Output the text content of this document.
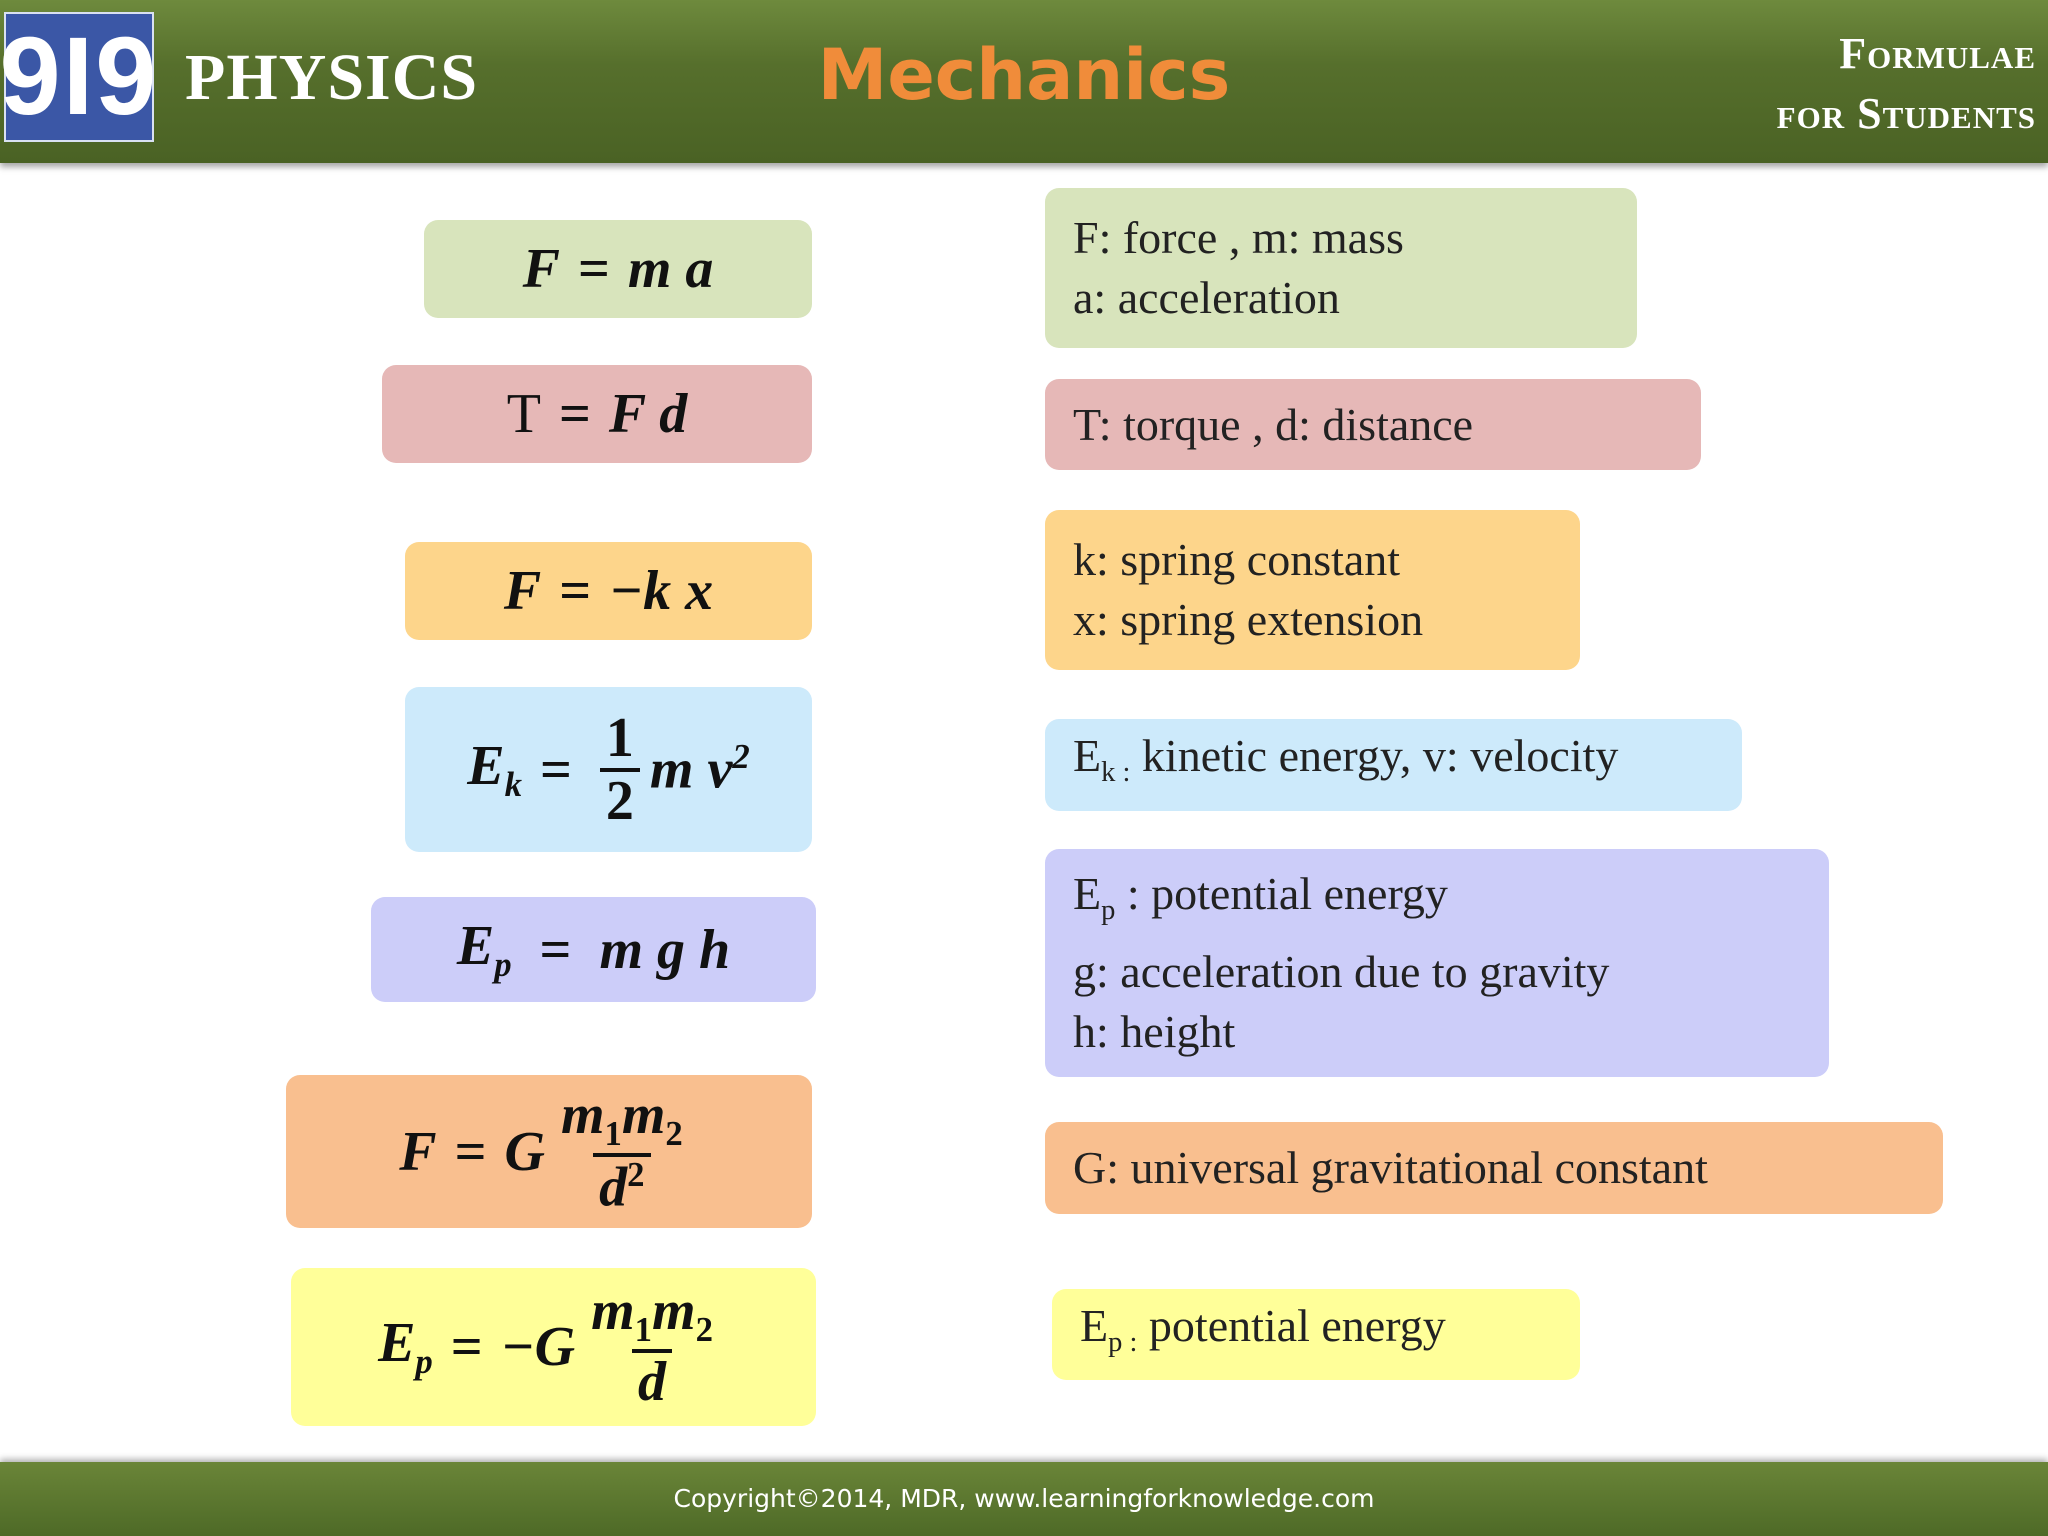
9I9 PHYSICS	Mechanics	Formulae
for Students
F = m a
T = F d
F = −k x
$E_k = \frac{1}{2}$ m $v^2$
$E_p = m$ g h
F = G $\frac{m_1m_2}{d^2}$
$E_p = -G \frac{m_1m_2}{d}$
F: force , m: mass
a: acceleration
T: torque , d: distance
k: spring constant
x: spring extension
$E_{k :}$ kinetic energy, v: velocity
$E_p$ : potential energy
g: acceleration due to gravity
h: height
G: universal gravitational constant
$E_{p :}$ potential energy
Copyright©2014, MDR, www.learningforknowledge.com
